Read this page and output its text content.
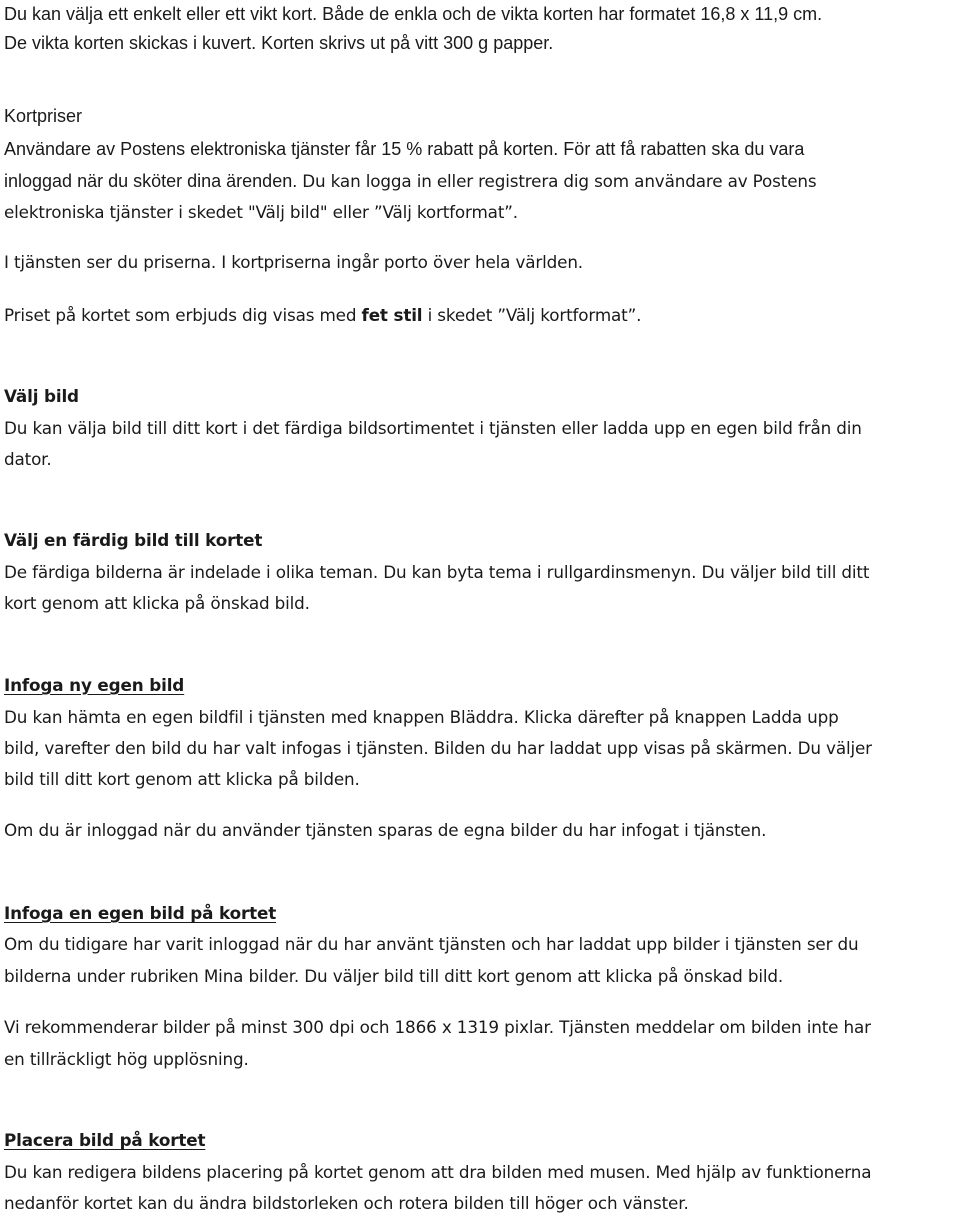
Du kan välja ett enkelt eller ett vikt kort. Både de enkla och de vikta korten har formatet 16,8 x 11,9 cm.

De vikta korten skickas i kuvert. Korten skrivs ut på vitt 300 g papper.

Kortpriser

Användare av Postens elektroniska tjänster får 15 % rabatt på korten. För att få rabatten ska du vara

inloggad när du sköter dina ärenden. Du kan logga in eller registrera dig som användare av Postens

elektroniska tjänster i skedet "Välj bild" eller ”Välj kortformat”.

I tjänsten ser du priserna. I kortpriserna ingår porto över hela världen.

Priset på kortet som erbjuds dig visas med fet stil i skedet ”Välj kortformat”.

Välj bild

Du kan välja bild till ditt kort i det färdiga bildsortimentet i tjänsten eller ladda upp en egen bild från din

dator.

Välj en färdig bild till kortet

De färdiga bilderna är indelade i olika teman. Du kan byta tema i rullgardinsmenyn. Du väljer bild till ditt

kort genom att klicka på önskad bild.

Infoga ny egen bild

Du kan hämta en egen bildfil i tjänsten med knappen Bläddra. Klicka därefter på knappen Ladda upp

bild, varefter den bild du har valt infogas i tjänsten. Bilden du har laddat upp visas på skärmen. Du väljer

bild till ditt kort genom att klicka på bilden.

Om du är inloggad när du använder tjänsten sparas de egna bilder du har infogat i tjänsten.

Infoga en egen bild på kortet

Om du tidigare har varit inloggad när du har använt tjänsten och har laddat upp bilder i tjänsten ser du

bilderna under rubriken Mina bilder. Du väljer bild till ditt kort genom att klicka på önskad bild.

Vi rekommenderar bilder på minst 300 dpi och 1866 x 1319 pixlar. Tjänsten meddelar om bilden inte har

en tillräckligt hög upplösning.

Placera bild på kortet

Du kan redigera bildens placering på kortet genom att dra bilden med musen. Med hjälp av funktionerna

nedanför kortet kan du ändra bildstorleken och rotera bilden till höger och vänster.
